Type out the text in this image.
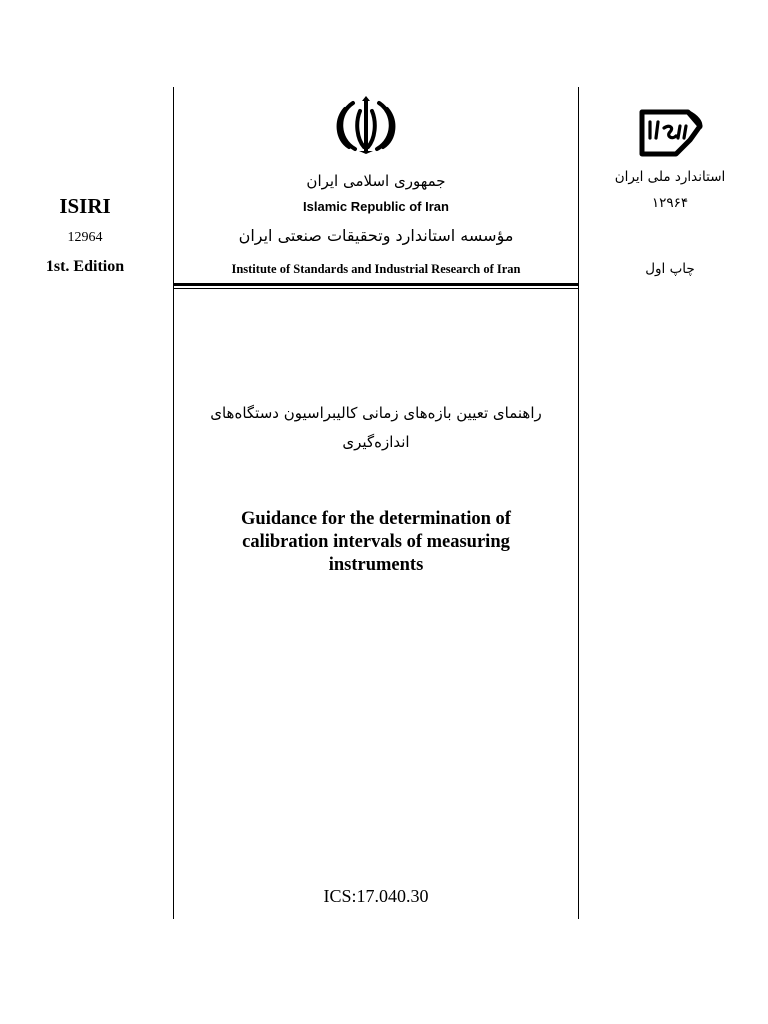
ISIRI
12964
1st. Edition
جمهوری اسلامی ایران
Islamic Republic of Iran
مؤسسه استاندارد وتحقیقات صنعتی ایران
Institute of Standards and Industrial Research of Iran
استاندارد ملی ایران
۱۲۹۶۴
چاپ اول
راهنمای تعیین بازه‌های زمانی کالیبراسیون دستگاه‌های
اندازه‌گیری
Guidance for the determination of
calibration intervals of measuring
instruments
ICS:17.040.30
